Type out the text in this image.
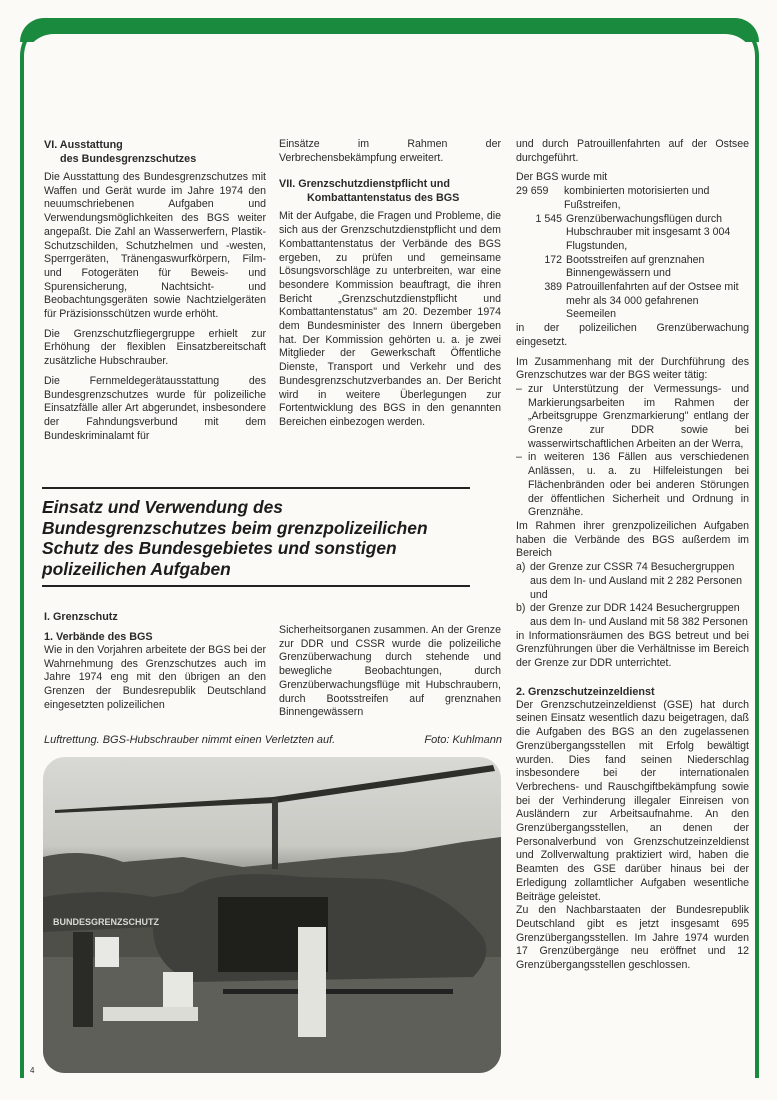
VI. Ausstattung
des Bundesgrenzschutzes

Die Ausstattung des Bundesgrenzschutzes mit Waffen und Gerät wurde im Jahre 1974 den neuumschriebenen Aufgaben und Verwendungsmöglichkeiten des BGS weiter angepaßt. Die Zahl an Wasserwerfern, Plastik-Schutzschilden, Schutzhelmen und -westen, Sperrgeräten, Tränengaswurfkörpern, Film- und Fotogeräten für Beweis- und Spurensicherung, Nachtsicht- und Beobachtungsgeräten sowie Nachtzielgeräten für Präzisionsschützen wurde erhöht.

Die Grenzschutzfliegergruppe erhielt zur Erhöhung der flexiblen Einsatzbereitschaft zusätzliche Hubschrauber.

Die Fernmeldegerätausstattung des Bundesgrenzschutzes wurde für polizeiliche Einsatzfälle aller Art abgerundet, insbesondere der Fahndungsverbund mit dem Bundeskriminalamt für

Einsätze im Rahmen der Verbrechensbekämpfung erweitert.

VII. Grenzschutzdienstpflicht und
Kombattantenstatus des BGS

Mit der Aufgabe, die Fragen und Probleme, die sich aus der Grenzschutzdienstpflicht und dem Kombattantenstatus der Verbände des BGS ergeben, zu prüfen und gemeinsame Lösungsvorschläge zu unterbreiten, war eine besondere Kommission beauftragt, die ihren Bericht „Grenzschutzdienstpflicht und Kombattantenstatus" am 20. Dezember 1974 dem Bundesminister des Innern übergeben hat. Der Kommission gehörten u. a. je zwei Mitglieder der Gewerkschaft Öffentliche Dienste, Transport und Verkehr und des Bundesgrenzschutzverbandes an. Der Bericht wird in weitere Überlegungen zur Fortentwicklung des BGS in den genannten Bereichen einbezogen werden.

und durch Patrouillenfahrten auf der Ostsee durchgeführt.

Der BGS wurde mit
29 659	kombinierten motorisierten und Fußstreifen,
1 545 Grenzüberwachungsflügen durch Hubschrauber mit insgesamt 3 004 Flugstunden,
172 Bootsstreifen auf grenznahen Binnengewässern und
389 Patrouillenfahrten auf der Ostsee mit mehr als 34 000 gefahrenen Seemeilen

in der polizeilichen Grenzüberwachung eingesetzt.

Im Zusammenhang mit der Durchführung des Grenzschutzes war der BGS weiter tätig:
– zur Unterstützung der Vermessungs- und Markierungsarbeiten im Rahmen der „Arbeitsgruppe Grenzmarkierung" entlang der Grenze zur DDR sowie bei wasserwirtschaftlichen Arbeiten an der Werra,
– in weiteren 136 Fällen aus verschiedenen Anlässen, u. a. zu Hilfeleistungen bei Flächenbränden oder bei anderen Störungen der öffentlichen Sicherheit und Ordnung in Grenznähe.
Im Rahmen ihrer grenzpolizeilichen Aufgaben haben die Verbände des BGS außerdem im Bereich
a) der Grenze zur CSSR 74 Besuchergruppen aus dem In- und Ausland mit 2 282 Personen und
b) der Grenze zur DDR 1424 Besuchergruppen aus dem In- und Ausland mit 58 382 Personen

in Informationsräumen des BGS betreut und bei Grenzführungen über die Verhältnisse im Bereich der Grenze zur DDR unterrichtet.

2. Grenzschutzeinzeldienst
Der Grenzschutzeinzeldienst (GSE) hat durch seinen Einsatz wesentlich dazu beigetragen, daß die Aufgaben des BGS an den zugelassenen Grenzübergangsstellen mit Erfolg bewältigt wurden. Dies fand seinen Niederschlag insbesondere bei der internationalen Verbrechens- und Rauschgiftbekämpfung sowie bei der Verhinderung illegaler Einreisen von Ausländern zur Arbeitsaufnahme. An den Grenzübergangsstellen, an denen der Personalverbund von Grenzschutzeinzeldienst und Zollverwaltung praktiziert wird, haben die Beamten des GSE darüber hinaus bei der Erledigung zollamtlicher Aufgaben wesentliche Beiträge geleistet.
Zu den Nachbarstaaten der Bundesrepublik Deutschland gibt es jetzt insgesamt 695 Grenzübergangsstellen. Im Jahre 1974 wurden 17 Grenzübergänge neu eröffnet und 12 Grenzübergangsstellen geschlossen.
Einsatz und Verwendung des Bundesgrenzschutzes beim grenzpolizeilichen Schutz des Bundesgebietes und sonstigen polizeilichen Aufgaben
I. Grenzschutz
1. Verbände des BGS
Wie in den Vorjahren arbeitete der BGS bei der Wahrnehmung des Grenzschutzes auch im Jahre 1974 eng mit den übrigen an den Grenzen der Bundesrepublik Deutschland eingesetzten polizeilichen
Sicherheitsorganen zusammen. An der Grenze zur DDR und CSSR wurde die polizeiliche Grenzüberwachung durch stehende und bewegliche Beobachtungen, durch Grenzüberwachungsflüge mit Hubschraubern, durch Bootsstreifen auf grenznahen Binnengewässern
Luftrettung. BGS-Hubschrauber nimmt einen Verletzten auf.	Foto: Kuhlmann
BUNDESGRENZSCHUTZ
4
